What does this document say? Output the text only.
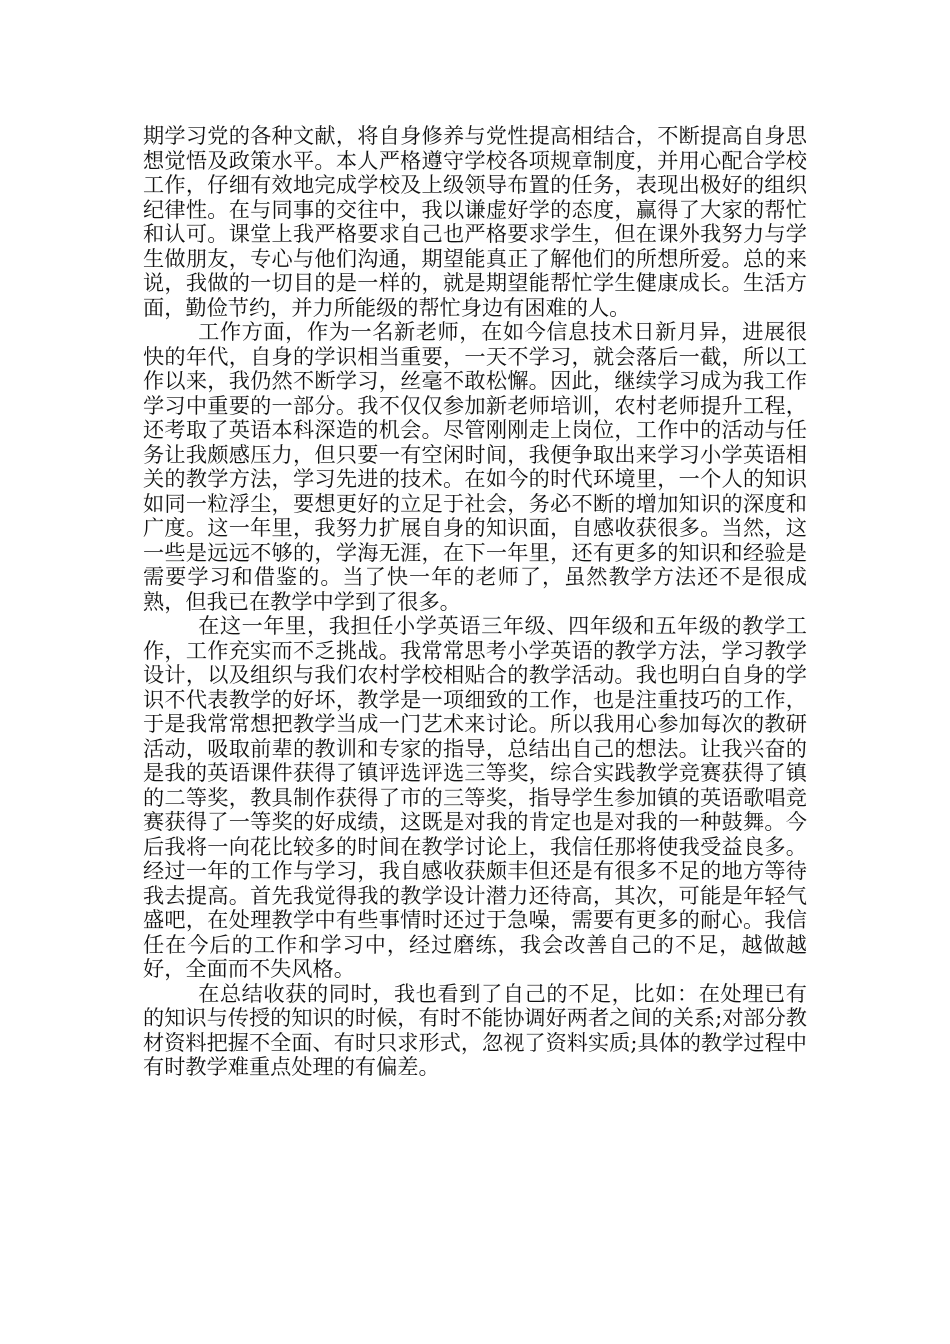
期学习党的各种文献，将自身修养与党性提高相结合，不断提高自身思想觉悟及政策水平。本人严格遵守学校各项规章制度，并用心配合学校工作，仔细有效地完成学校及上级领导布置的任务，表现出极好的组织纪律性。在与同事的交往中，我以谦虚好学的态度，赢得了大家的帮忙和认可。课堂上我严格要求自己也严格要求学生，但在课外我努力与学生做朋友，专心与他们沟通，期望能真正了解他们的所想所爱。总的来说，我做的一切目的是一样的，就是期望能帮忙学生健康成长。生活方面，勤俭节约，并力所能级的帮忙身边有困难的人。

工作方面，作为一名新老师，在如今信息技术日新月异，进展很快的年代，自身的学识相当重要，一天不学习，就会落后一截，所以工作以来，我仍然不断学习，丝毫不敢松懈。因此，继续学习成为我工作学习中重要的一部分。我不仅仅参加新老师培训，农村老师提升工程，还考取了英语本科深造的机会。尽管刚刚走上岗位，工作中的活动与任务让我颇感压力，但只要一有空闲时间，我便争取出来学习小学英语相关的教学方法，学习先进的技术。在如今的时代环境里，一个人的知识如同一粒浮尘，要想更好的立足于社会，务必不断的增加知识的深度和广度。这一年里，我努力扩展自身的知识面，自感收获很多。当然，这一些是远远不够的，学海无涯，在下一年里，还有更多的知识和经验是需要学习和借鉴的。当了快一年的老师了，虽然教学方法还不是很成熟，但我已在教学中学到了很多。

在这一年里，我担任小学英语三年级、四年级和五年级的教学工作，工作充实而不乏挑战。我常常思考小学英语的教学方法，学习教学设计，以及组织与我们农村学校相贴合的教学活动。我也明白自身的学识不代表教学的好坏，教学是一项细致的工作，也是注重技巧的工作，于是我常常想把教学当成一门艺术来讨论。所以我用心参加每次的教研活动，吸取前辈的教训和专家的指导，总结出自己的想法。让我兴奋的是我的英语课件获得了镇评选评选三等奖，综合实践教学竞赛获得了镇的二等奖，教具制作获得了市的三等奖，指导学生参加镇的英语歌唱竞赛获得了一等奖的好成绩，这既是对我的肯定也是对我的一种鼓舞。今后我将一向花比较多的时间在教学讨论上，我信任那将使我受益良多。经过一年的工作与学习，我自感收获颇丰但还是有很多不足的地方等待我去提高。首先我觉得我的教学设计潜力还待高，其次，可能是年轻气盛吧，在处理教学中有些事情时还过于急噪，需要有更多的耐心。我信任在今后的工作和学习中，经过磨练，我会改善自己的不足，越做越好，全面而不失风格。

在总结收获的同时，我也看到了自己的不足，比如：在处理已有的知识与传授的知识的时候，有时不能协调好两者之间的关系;对部分教材资料把握不全面、有时只求形式，忽视了资料实质;具体的教学过程中有时教学难重点处理的有偏差。
